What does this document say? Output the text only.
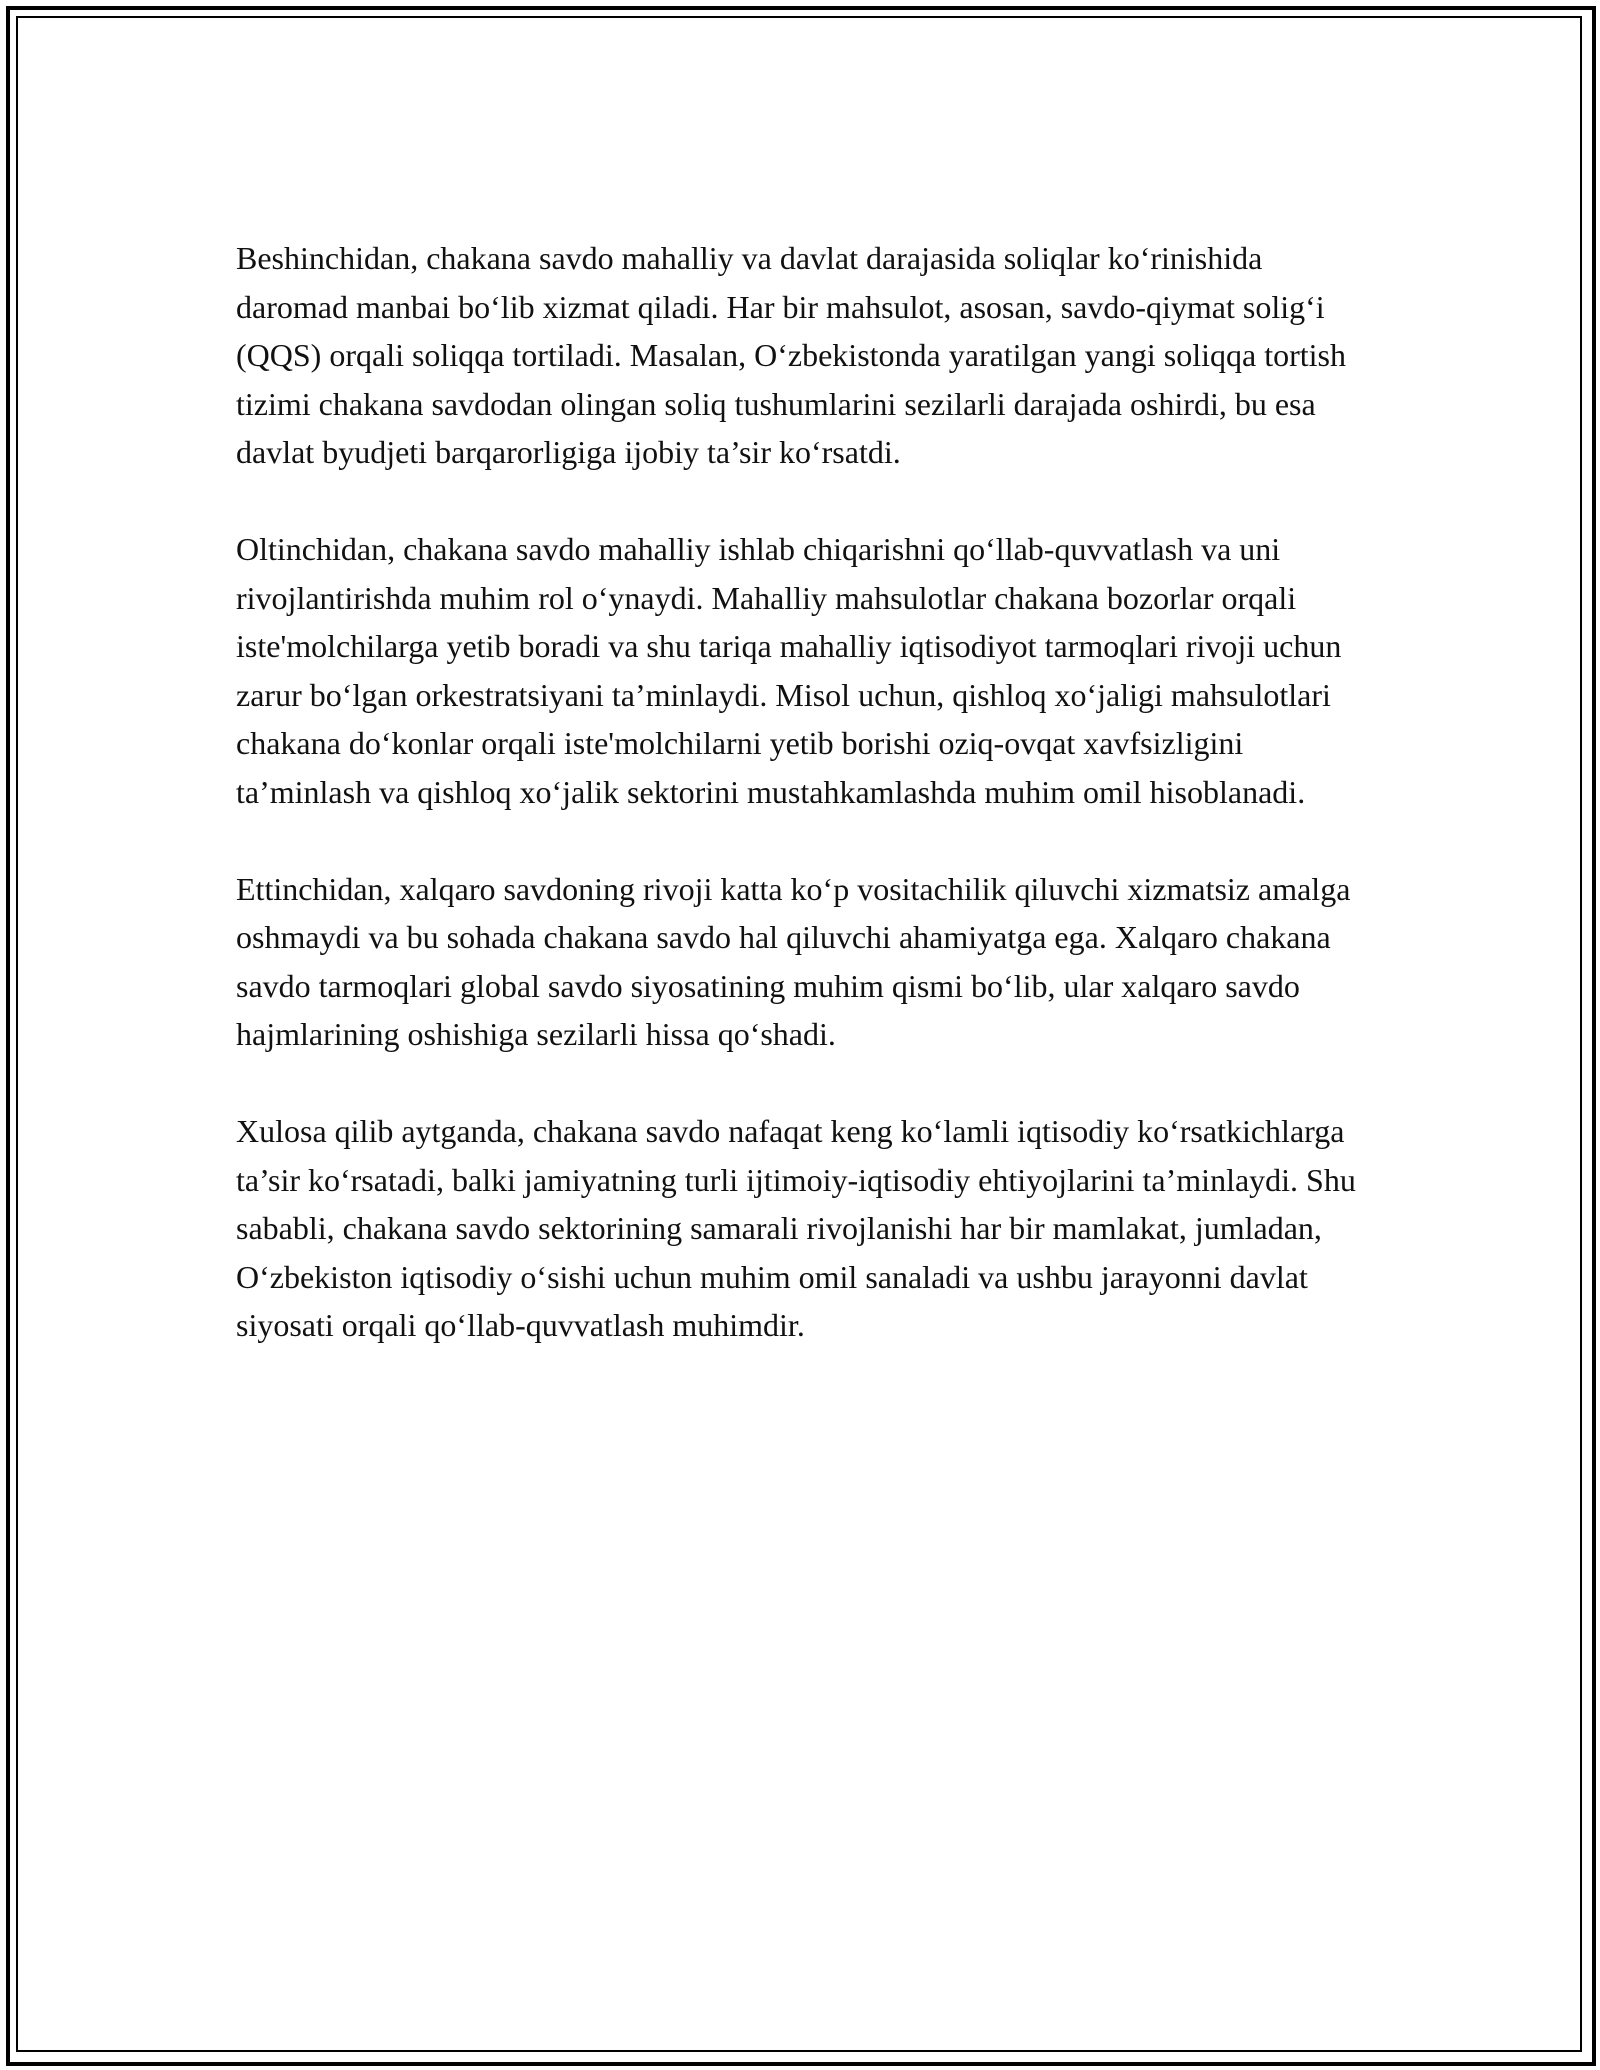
Beshinchidan, chakana savdo mahalliy va davlat darajasida soliqlar ko‘rinishida daromad manbai bo‘lib xizmat qiladi. Har bir mahsulot, asosan, savdo-qiymat solig‘i (QQS) orqali soliqqa tortiladi. Masalan, O‘zbekistonda yaratilgan yangi soliqqa tortish tizimi chakana savdodan olingan soliq tushumlarini sezilarli darajada oshirdi, bu esa davlat byudjeti barqarorligiga ijobiy ta’sir ko‘rsatdi.

Oltinchidan, chakana savdo mahalliy ishlab chiqarishni qo‘llab-quvvatlash va uni rivojlantirishda muhim rol o‘ynaydi. Mahalliy mahsulotlar chakana bozorlar orqali iste'molchilarga yetib boradi va shu tariqa mahalliy iqtisodiyot tarmoqlari rivoji uchun zarur bo‘lgan orkestratsiyani ta’minlaydi. Misol uchun, qishloq xo‘jaligi mahsulotlari chakana do‘konlar orqali iste'molchilarni yetib borishi oziq-ovqat xavfsizligini ta’minlash va qishloq xo‘jalik sektorini mustahkamlashda muhim omil hisoblanadi.

Ettinchidan, xalqaro savdoning rivoji katta ko‘p vositachilik qiluvchi xizmatsiz amalga oshmaydi va bu sohada chakana savdo hal qiluvchi ahamiyatga ega. Xalqaro chakana savdo tarmoqlari global savdo siyosatining muhim qismi bo‘lib, ular xalqaro savdo hajmlarining oshishiga sezilarli hissa qo‘shadi.

Xulosa qilib aytganda, chakana savdo nafaqat keng ko‘lamli iqtisodiy ko‘rsatkichlarga ta’sir ko‘rsatadi, balki jamiyatning turli ijtimoiy-iqtisodiy ehtiyojlarini ta’minlaydi. Shu sababli, chakana savdo sektorining samarali rivojlanishi har bir mamlakat, jumladan, O‘zbekiston iqtisodiy o‘sishi uchun muhim omil sanaladi va ushbu jarayonni davlat siyosati orqali qo‘llab-quvvatlash muhimdir.
